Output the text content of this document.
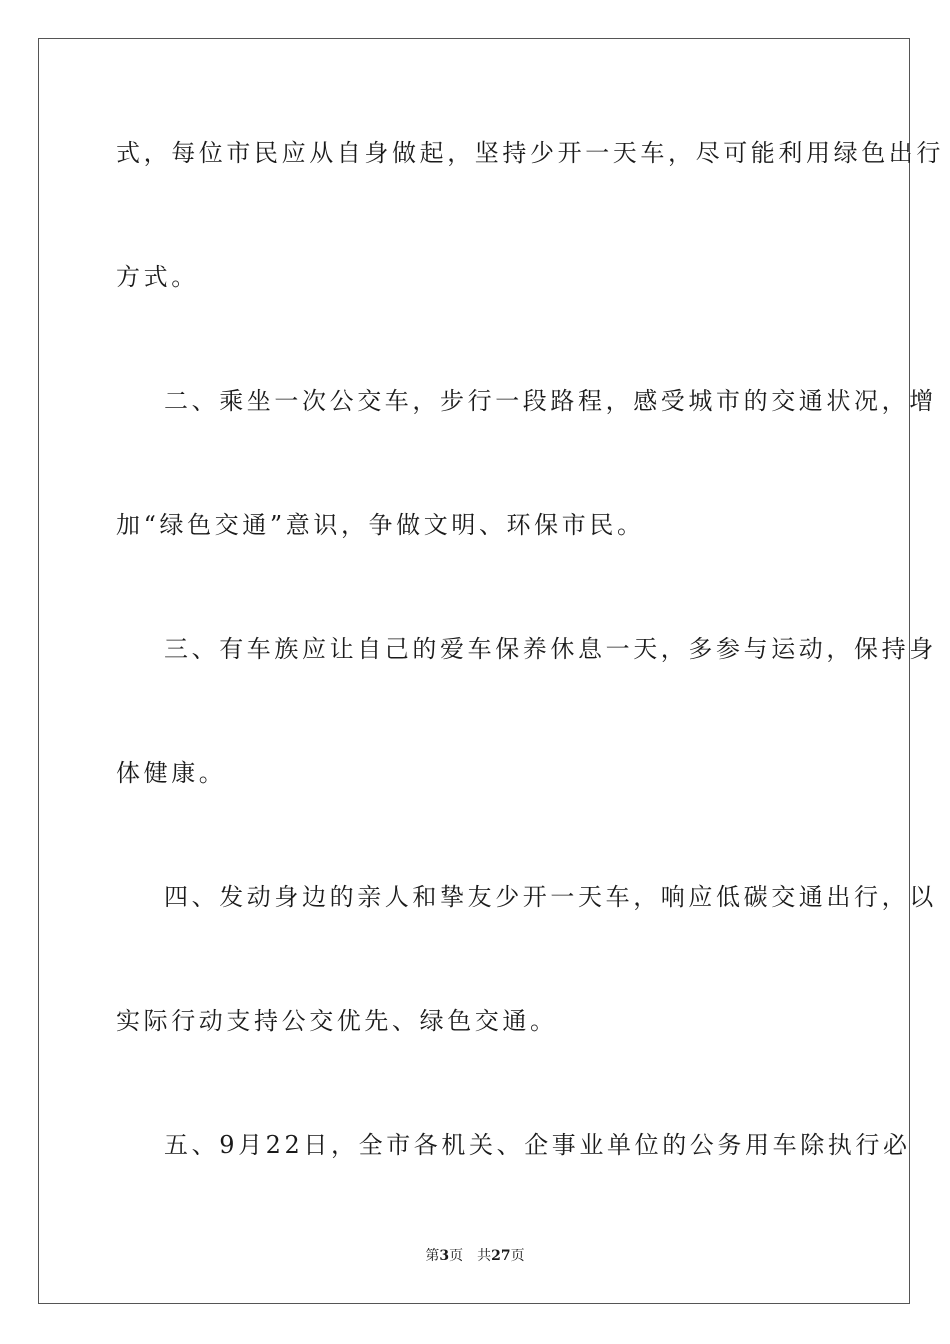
式，每位市民应从自身做起，坚持少开一天车，尽可能利用绿色出行
方式。
二、乘坐一次公交车，步行一段路程，感受城市的交通状况，增
加“绿色交通”意识，争做文明、环保市民。
三、有车族应让自己的爱车保养休息一天，多参与运动，保持身
体健康。
四、发动身边的亲人和挚友少开一天车，响应低碳交通出行，以
实际行动支持公交优先、绿色交通。
五、9月22日，全市各机关、企事业单位的公务用车除执行必
第3页 共27页
